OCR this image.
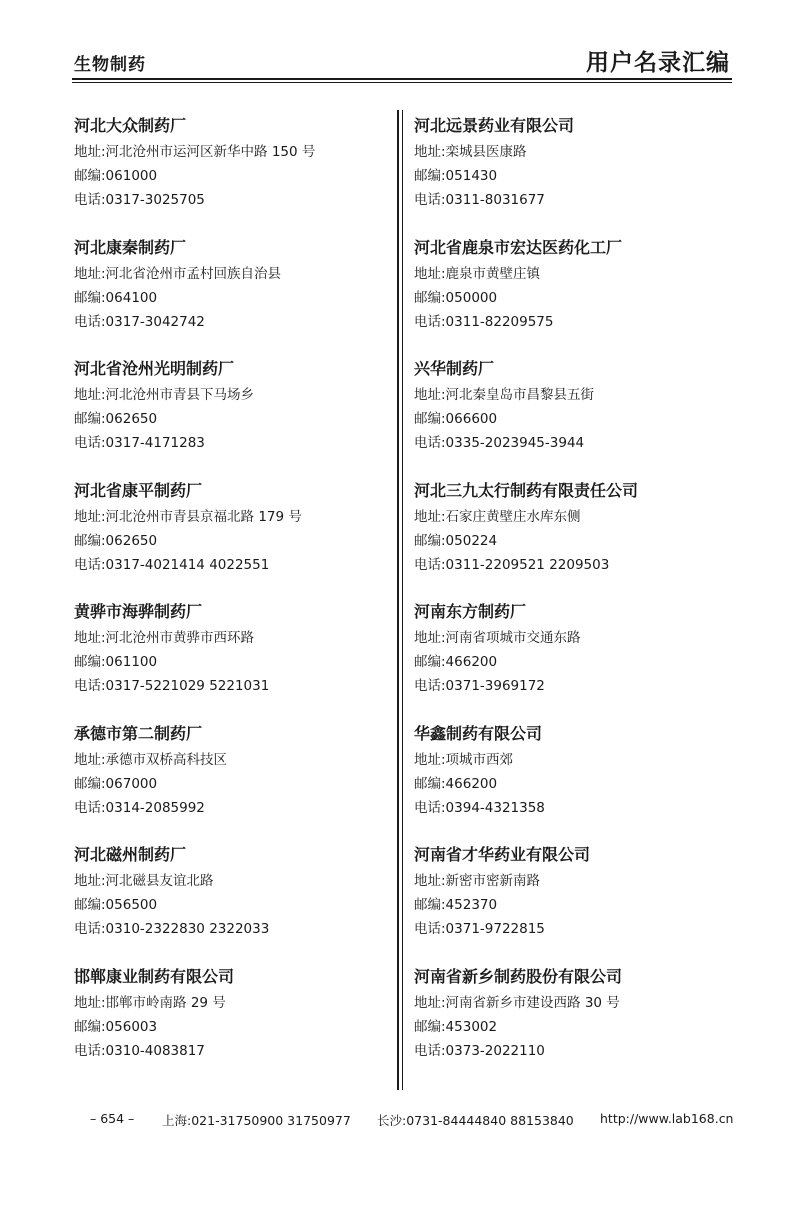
生物制药	用户名录汇编
河北大众制药厂
地址:河北沧州市运河区新华中路 150 号
邮编:061000
电话:0317-3025705
河北康秦制药厂
地址:河北省沧州市孟村回族自治县
邮编:064100
电话:0317-3042742
河北省沧州光明制药厂
地址:河北沧州市青县下马场乡
邮编:062650
电话:0317-4171283
河北省康平制药厂
地址:河北沧州市青县京福北路 179 号
邮编:062650
电话:0317-4021414 4022551
黄骅市海骅制药厂
地址:河北沧州市黄骅市西环路
邮编:061100
电话:0317-5221029 5221031
承德市第二制药厂
地址:承德市双桥高科技区
邮编:067000
电话:0314-2085992
河北磁州制药厂
地址:河北磁县友谊北路
邮编:056500
电话:0310-2322830 2322033
邯郸康业制药有限公司
地址:邯郸市岭南路 29 号
邮编:056003
电话:0310-4083817
河北远景药业有限公司
地址:栾城县医康路
邮编:051430
电话:0311-8031677
河北省鹿泉市宏达医药化工厂
地址:鹿泉市黄壁庄镇
邮编:050000
电话:0311-82209575
兴华制药厂
地址:河北秦皇岛市昌黎县五街
邮编:066600
电话:0335-2023945-3944
河北三九太行制药有限责任公司
地址:石家庄黄壁庄水库东侧
邮编:050224
电话:0311-2209521 2209503
河南东方制药厂
地址:河南省项城市交通东路
邮编:466200
电话:0371-3969172
华鑫制药有限公司
地址:项城市西郊
邮编:466200
电话:0394-4321358
河南省才华药业有限公司
地址:新密市密新南路
邮编:452370
电话:0371-9722815
河南省新乡制药股份有限公司
地址:河南省新乡市建设西路 30 号
邮编:453002
电话:0373-2022110
– 654 – 上海:021-31750900 31750977 长沙:0731-84444840 88153840 http://www.lab168.cn
